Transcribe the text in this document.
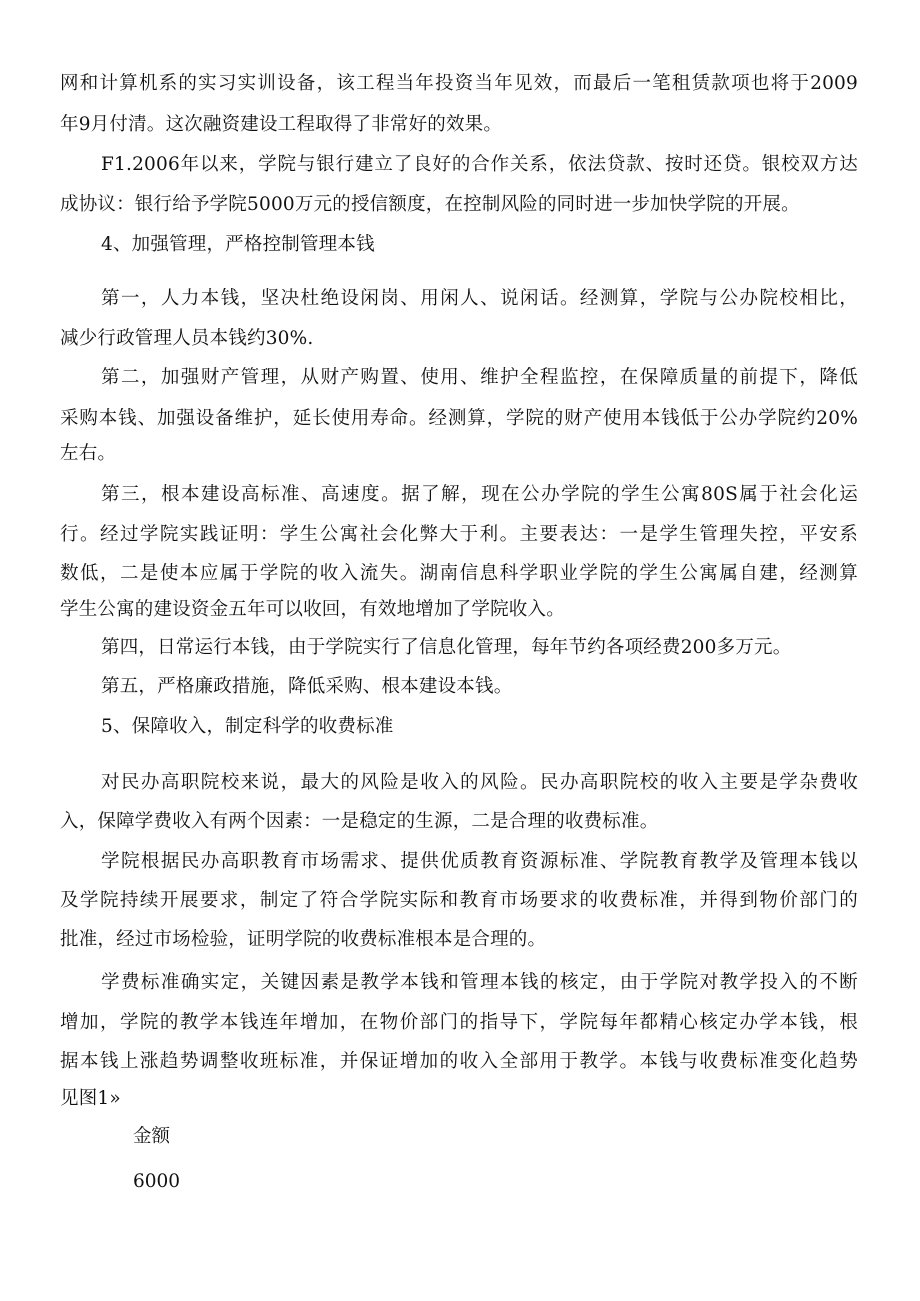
网和计算机系的实习实训设备，该工程当年投资当年见效，而最后一笔租赁款项也将于2009
年9月付清。这次融资建设工程取得了非常好的效果。
F1.2006年以来，学院与银行建立了良好的合作关系，依法贷款、按时还贷。银校双方达
成协议：银行给予学院5000万元的授信额度，在控制风险的同时进一步加快学院的开展。
4、加强管理，严格控制管理本钱
第一，人力本钱，坚决杜绝设闲岗、用闲人、说闲话。经测算，学院与公办院校相比，
减少行政管理人员本钱约30%.
第二，加强财产管理，从财产购置、使用、维护全程监控，在保障质量的前提下，降低
采购本钱、加强设备维护，延长使用寿命。经测算，学院的财产使用本钱低于公办学院约20%
左右。
第三，根本建设高标准、高速度。据了解，现在公办学院的学生公寓80S属于社会化运
行。经过学院实践证明：学生公寓社会化弊大于利。主要表达：一是学生管理失控，平安系
数低，二是使本应属于学院的收入流失。湖南信息科学职业学院的学生公寓属自建，经测算
学生公寓的建设资金五年可以收回，有效地增加了学院收入。
第四，日常运行本钱，由于学院实行了信息化管理，每年节约各项经费200多万元。
第五，严格廉政措施，降低采购、根本建设本钱。
5、保障收入，制定科学的收费标准
对民办高职院校来说，最大的风险是收入的风险。民办高职院校的收入主要是学杂费收
入，保障学费收入有两个因素：一是稳定的生源，二是合理的收费标准。
学院根据民办高职教育市场需求、提供优质教育资源标准、学院教育教学及管理本钱以
及学院持续开展要求，制定了符合学院实际和教育市场要求的收费标准，并得到物价部门的
批准，经过市场检验，证明学院的收费标准根本是合理的。
学费标准确实定，关键因素是教学本钱和管理本钱的核定，由于学院对教学投入的不断
增加，学院的教学本钱连年增加，在物价部门的指导下，学院每年都精心核定办学本钱，根
据本钱上涨趋势调整收班标准，并保证增加的收入全部用于教学。本钱与收费标准变化趋势
见图1»
金额
6000
